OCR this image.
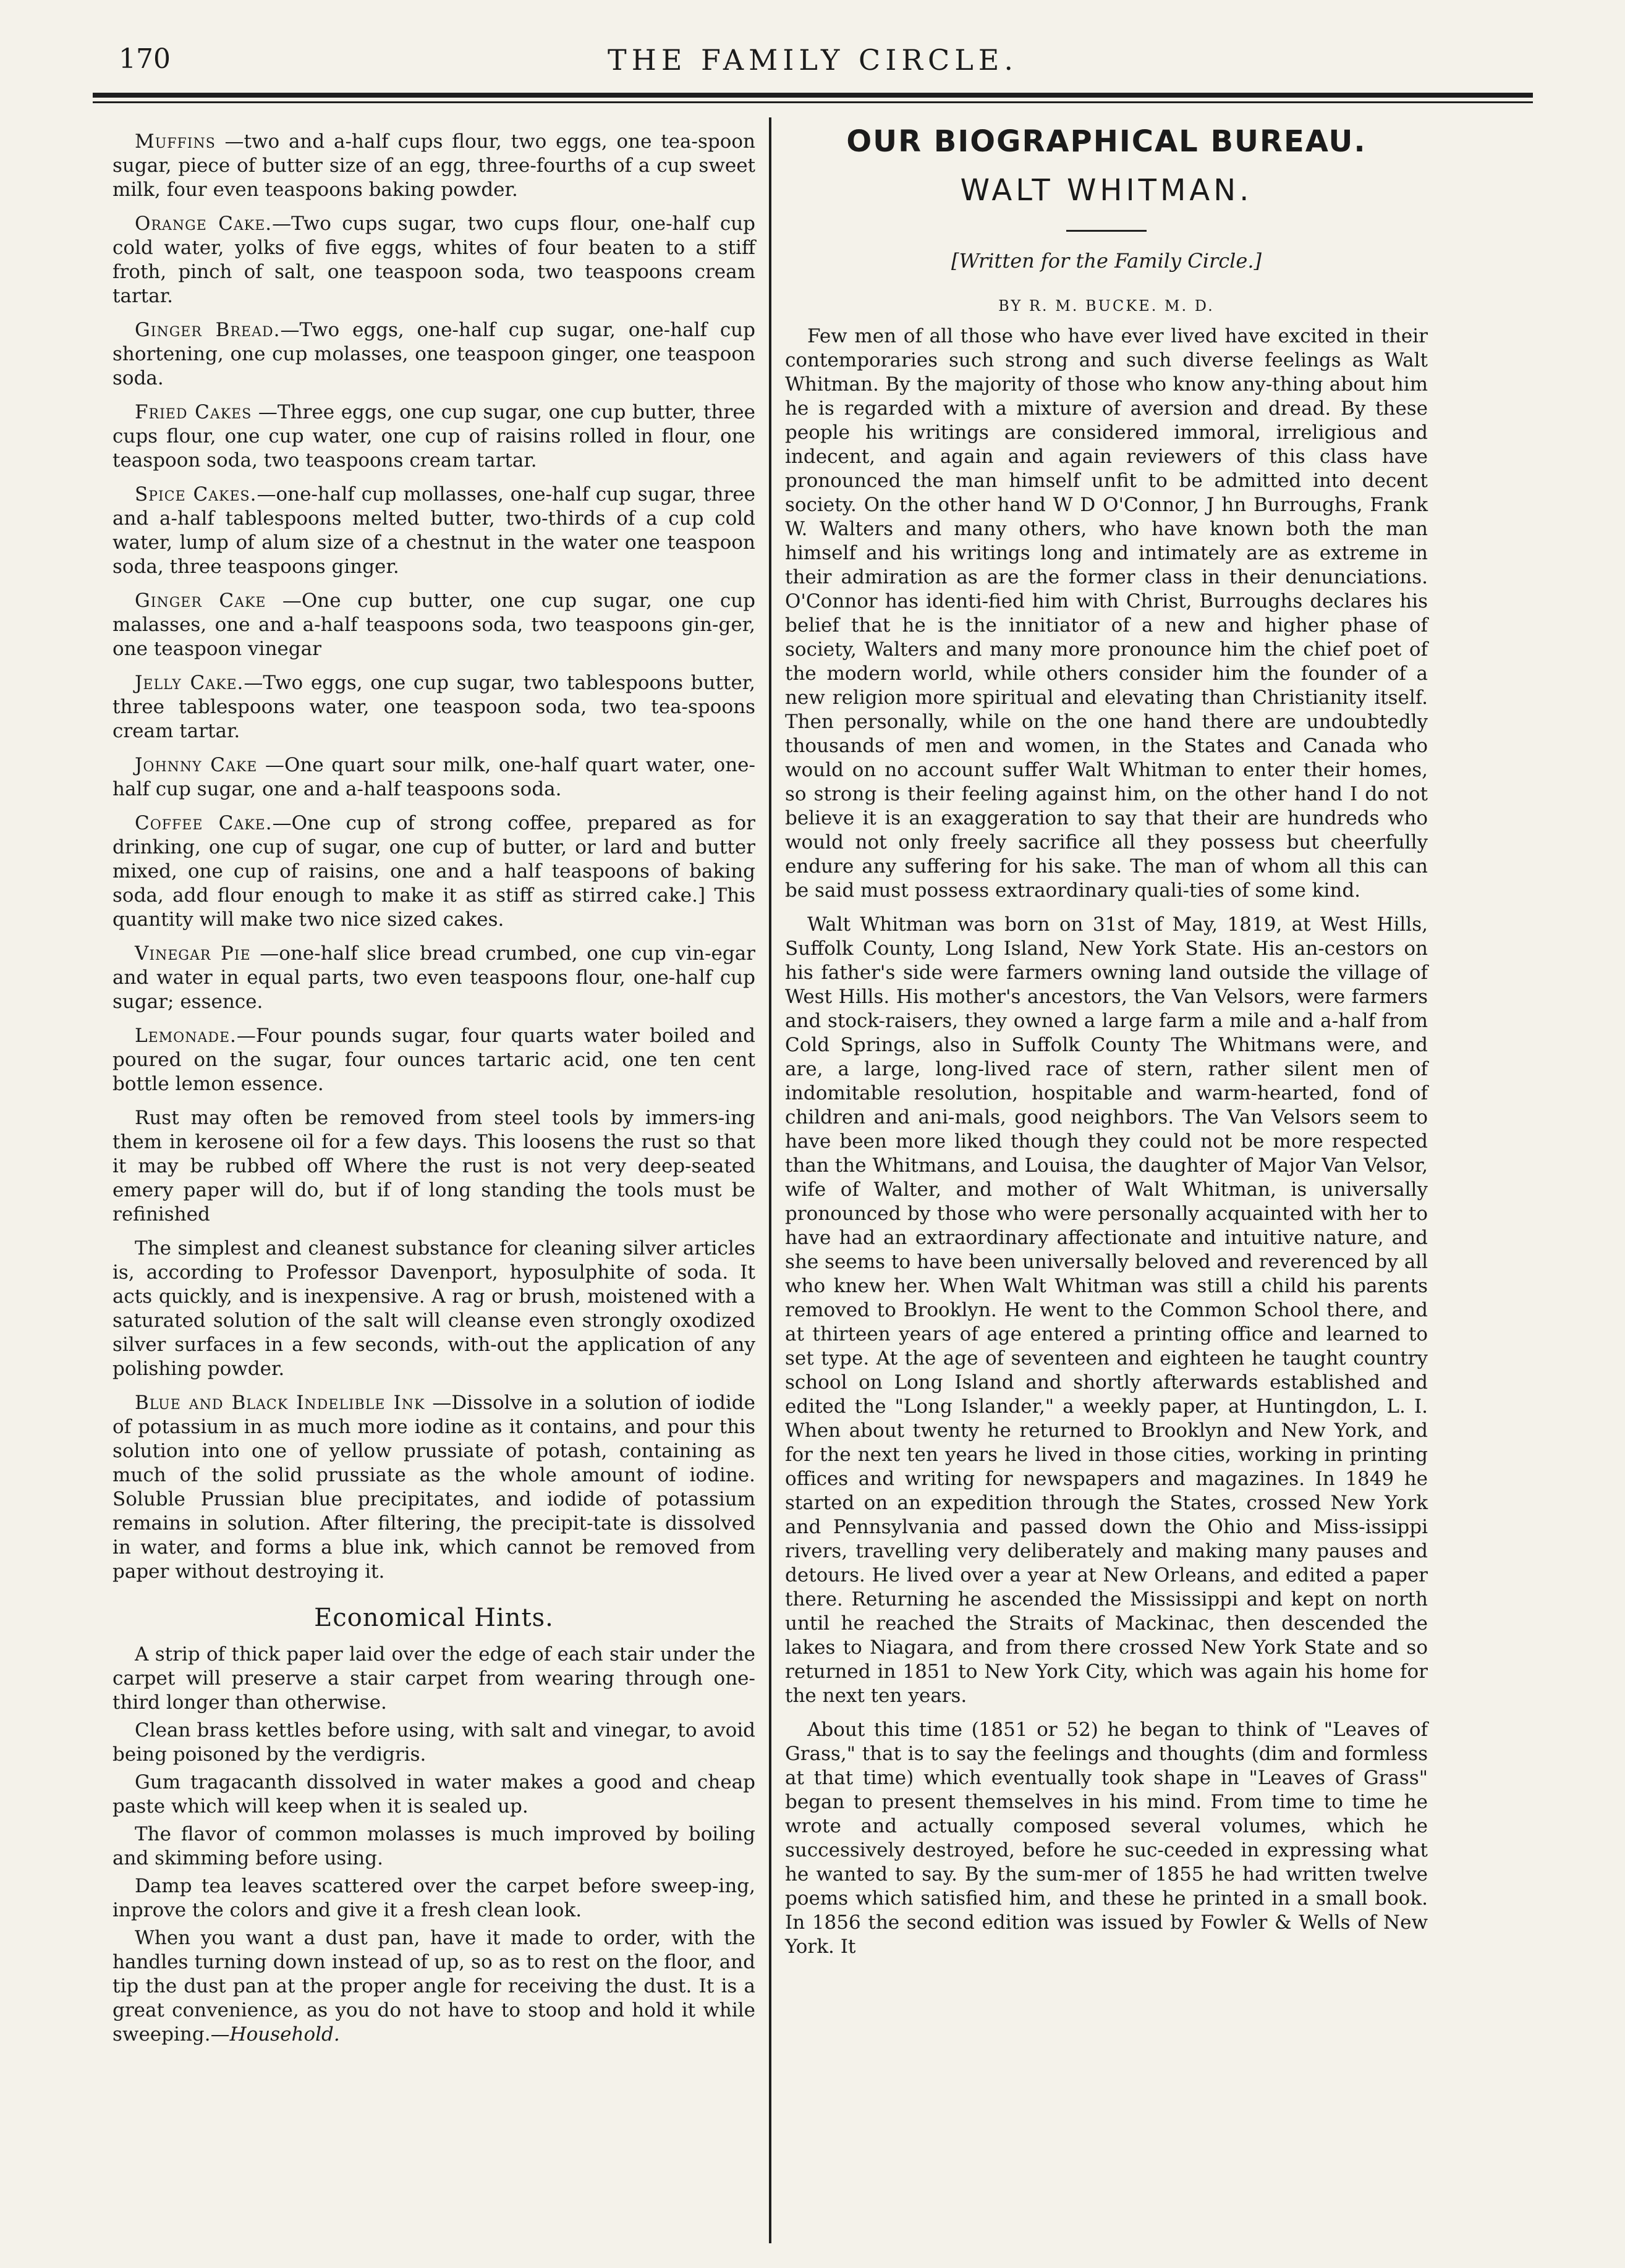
170	THE FAMILY CIRCLE.

Muffins —two and a-half cups flour, two eggs, one tea-spoon sugar, piece of butter size of an egg, three-fourths of a cup sweet milk, four even teaspoons baking powder.

Orange Cake.—Two cups sugar, two cups flour, one-half cup cold water, yolks of five eggs, whites of four beaten to a stiff froth, pinch of salt, one teaspoon soda, two teaspoons cream tartar.

Ginger Bread.—Two eggs, one-half cup sugar, one-half cup shortening, one cup molasses, one teaspoon ginger, one teaspoon soda.

Fried Cakes —Three eggs, one cup sugar, one cup butter, three cups flour, one cup water, one cup of raisins rolled in flour, one teaspoon soda, two teaspoons cream tartar.

Spice Cakes.—one-half cup mollasses, one-half cup sugar, three and a-half tablespoons melted butter, two-thirds of a cup cold water, lump of alum size of a chestnut in the water one teaspoon soda, three teaspoons ginger.

Ginger Cake —One cup butter, one cup sugar, one cup malasses, one and a-half teaspoons soda, two teaspoons gin-ger, one teaspoon vinegar

Jelly Cake.—Two eggs, one cup sugar, two tablespoons butter, three tablespoons water, one teaspoon soda, two tea-spoons cream tartar.

Johnny Cake —One quart sour milk, one-half quart water, one-half cup sugar, one and a-half teaspoons soda.

Coffee Cake.—One cup of strong coffee, prepared as for drinking, one cup of sugar, one cup of butter, or lard and butter mixed, one cup of raisins, one and a half teaspoons of baking soda, add flour enough to make it as stiff as stirred cake.] This quantity will make two nice sized cakes.

Vinegar Pie —one-half slice bread crumbed, one cup vin-egar and water in equal parts, two even teaspoons flour, one-half cup sugar; essence.

Lemonade.—Four pounds sugar, four quarts water boiled and poured on the sugar, four ounces tartaric acid, one ten cent bottle lemon essence.

Rust may often be removed from steel tools by immers-ing them in kerosene oil for a few days. This loosens the rust so that it may be rubbed off Where the rust is not very deep-seated emery paper will do, but if of long standing the tools must be refinished

The simplest and cleanest substance for cleaning silver articles is, according to Professor Davenport, hyposulphite of soda. It acts quickly, and is inexpensive. A rag or brush, moistened with a saturated solution of the salt will cleanse even strongly oxodized silver surfaces in a few seconds, with-out the application of any polishing powder.

Blue and Black Indelible Ink —Dissolve in a solution of iodide of potassium in as much more iodine as it contains, and pour this solution into one of yellow prussiate of potash, containing as much of the solid prussiate as the whole amount of iodine. Soluble Prussian blue precipitates, and iodide of potassium remains in solution. After filtering, the precipit-tate is dissolved in water, and forms a blue ink, which cannot be removed from paper without destroying it.

Economical Hints.

A strip of thick paper laid over the edge of each stair under the carpet will preserve a stair carpet from wearing through one-third longer than otherwise.

Clean brass kettles before using, with salt and vinegar, to avoid being poisoned by the verdigris.

Gum tragacanth dissolved in water makes a good and cheap paste which will keep when it is sealed up.

The flavor of common molasses is much improved by boiling and skimming before using.

Damp tea leaves scattered over the carpet before sweep-ing, inprove the colors and give it a fresh clean look.

When you want a dust pan, have it made to order, with the handles turning down instead of up, so as to rest on the floor, and tip the dust pan at the proper angle for receiving the dust. It is a great convenience, as you do not have to stoop and hold it while sweeping.—Household.

OUR BIOGRAPHICAL BUREAU.
WALT WHITMAN.
[Written for the Family Circle.]
BY R. M. BUCKE. M. D.

Few men of all those who have ever lived have excited in their contemporaries such strong and such diverse feelings as Walt Whitman. By the majority of those who know any-thing about him he is regarded with a mixture of aversion and dread. By these people his writings are considered immoral, irreligious and indecent, and again and again reviewers of this class have pronounced the man himself unfit to be admitted into decent society. On the other hand W D O'Connor, J hn Burroughs, Frank W. Walters and many others, who have known both the man himself and his writings long and intimately are as extreme in their admiration as are the former class in their denunciations. O'Connor has identi-fied him with Christ, Burroughs declares his belief that he is the innitiator of a new and higher phase of society, Walters and many more pronounce him the chief poet of the modern world, while others consider him the founder of a new religion more spiritual and elevating than Christianity itself. Then personally, while on the one hand there are undoubtedly thousands of men and women, in the States and Canada who would on no account suffer Walt Whitman to enter their homes, so strong is their feeling against him, on the other hand I do not believe it is an exaggeration to say that their are hundreds who would not only freely sacrifice all they possess but cheerfully endure any suffering for his sake. The man of whom all this can be said must possess extraordinary quali-ties of some kind.

Walt Whitman was born on 31st of May, 1819, at West Hills, Suffolk County, Long Island, New York State. His an-cestors on his father's side were farmers owning land outside the village of West Hills. His mother's ancestors, the Van Velsors, were farmers and stock-raisers, they owned a large farm a mile and a-half from Cold Springs, also in Suffolk County The Whitmans were, and are, a large, long-lived race of stern, rather silent men of indomitable resolution, hospitable and warm-hearted, fond of children and ani-mals, good neighbors. The Van Velsors seem to have been more liked though they could not be more respected than the Whitmans, and Louisa, the daughter of Major Van Velsor, wife of Walter, and mother of Walt Whitman, is universally pronounced by those who were personally acquainted with her to have had an extraordinary affectionate and intuitive nature, and she seems to have been universally beloved and reverenced by all who knew her. When Walt Whitman was still a child his parents removed to Brooklyn. He went to the Common School there, and at thirteen years of age entered a printing office and learned to set type. At the age of seventeen and eighteen he taught country school on Long Island and shortly afterwards established and edited the "Long Islander," a weekly paper, at Huntingdon, L. I. When about twenty he returned to Brooklyn and New York, and for the next ten years he lived in those cities, working in printing offices and writing for newspapers and magazines. In 1849 he started on an expedition through the States, crossed New York and Pennsylvania and passed down the Ohio and Miss-issippi rivers, travelling very deliberately and making many pauses and detours. He lived over a year at New Orleans, and edited a paper there. Returning he ascended the Mississippi and kept on north until he reached the Straits of Mackinac, then descended the lakes to Niagara, and from there crossed New York State and so returned in 1851 to New York City, which was again his home for the next ten years.

About this time (1851 or 52) he began to think of "Leaves of Grass," that is to say the feelings and thoughts (dim and formless at that time) which eventually took shape in "Leaves of Grass" began to present themselves in his mind. From time to time he wrote and actually composed several volumes, which he successively destroyed, before he suc-ceeded in expressing what he wanted to say. By the sum-mer of 1855 he had written twelve poems which satisfied him, and these he printed in a small book. In 1856 the second edition was issued by Fowler & Wells of New York. It
